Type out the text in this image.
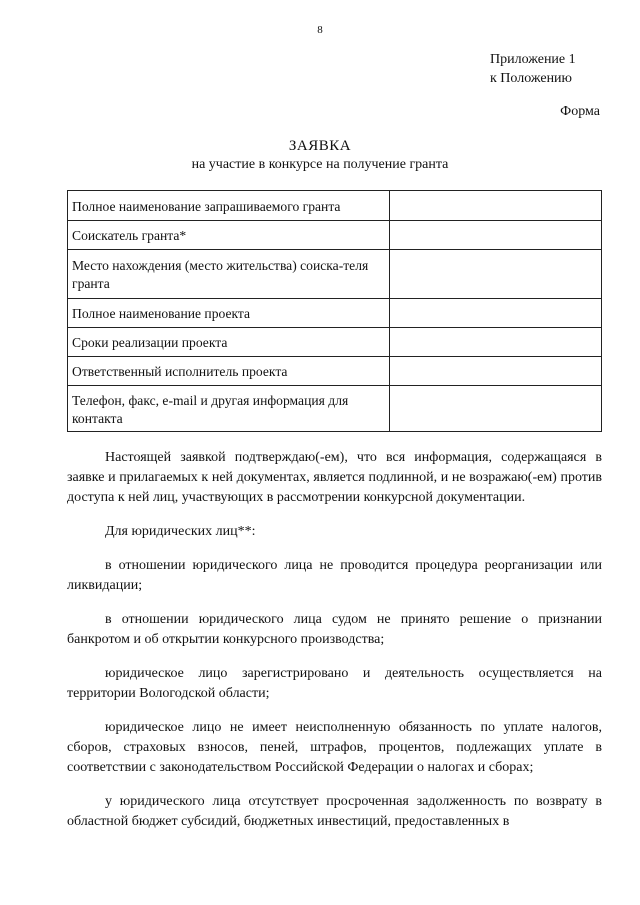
8
Приложение 1
к Положению
Форма
ЗАЯВКА
на участие в конкурсе на получение гранта
Полное наименование запрашиваемого гранта	
Соискатель гранта*	
Место нахождения (место жительства) соиска-теля гранта	
Полное наименование проекта	
Сроки реализации проекта	
Ответственный исполнитель проекта	
Телефон, факс, e-mail и другая информация для контакта	

Настоящей заявкой подтверждаю(-ем), что вся информация, содержащаяся в заявке и прилагаемых к ней документах, является подлинной, и не возражаю(-ем) против доступа к ней лиц, участвующих в рассмотрении конкурсной документации.

Для юридических лиц**:

в отношении юридического лица не проводится процедура реорганизации или ликвидации;

в отношении юридического лица судом не принято решение о признании банкротом и об открытии конкурсного производства;

юридическое лицо зарегистрировано и деятельность осуществляется на территории Вологодской области;

юридическое лицо не имеет неисполненную обязанность по уплате налогов, сборов, страховых взносов, пеней, штрафов, процентов, подлежащих уплате в соответствии с законодательством Российской Федерации о налогах и сборах;

у юридического лица отсутствует просроченная задолженность по возврату в областной бюджет субсидий, бюджетных инвестиций, предоставленных в
